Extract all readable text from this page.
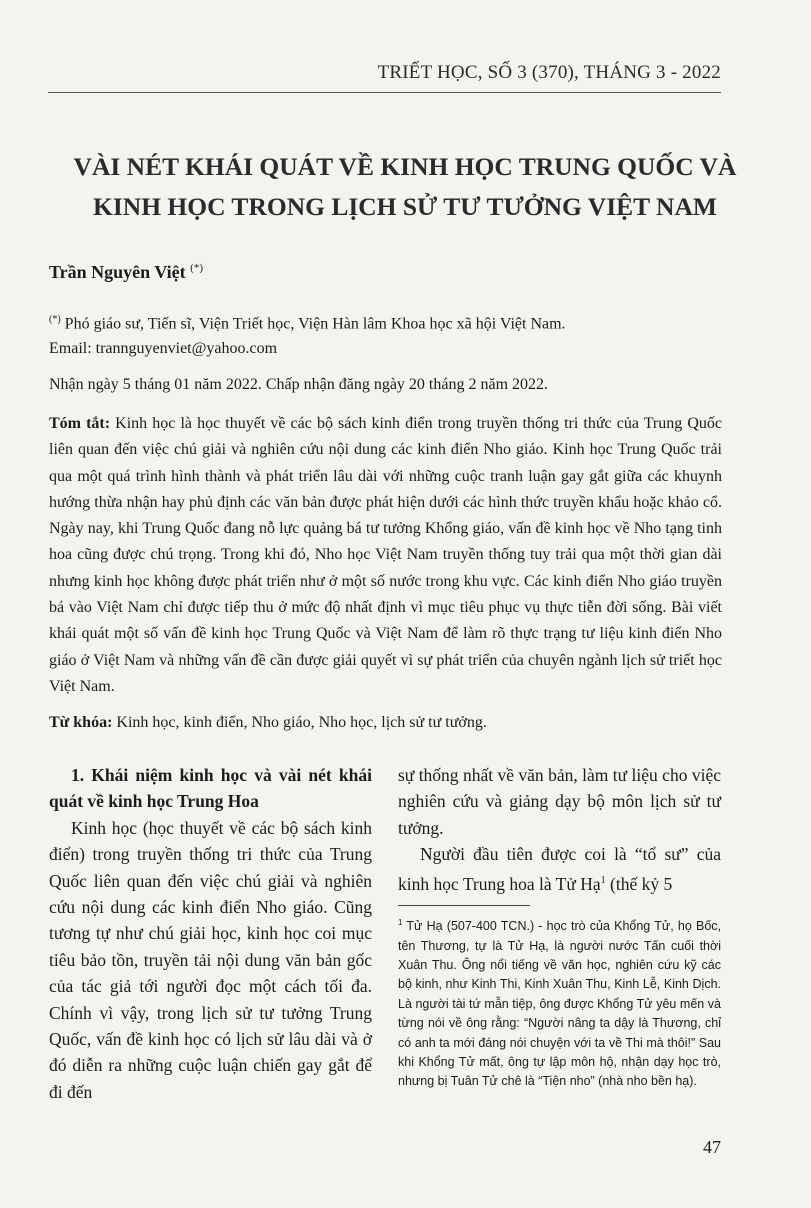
TRIẾT HỌC, SỐ 3 (370), THÁNG 3 - 2022
VÀI NÉT KHÁI QUÁT VỀ KINH HỌC TRUNG QUỐC VÀ
KINH HỌC TRONG LỊCH SỬ TƯ TƯỞNG VIỆT NAM
Trần Nguyên Việt (*)
(*) Phó giáo sư, Tiến sĩ, Viện Triết học, Viện Hàn lâm Khoa học xã hội Việt Nam.
Email: trannguyenviet@yahoo.com
Nhận ngày 5 tháng 01 năm 2022. Chấp nhận đăng ngày 20 tháng 2 năm 2022.
Tóm tắt: Kinh học là học thuyết về các bộ sách kinh điển trong truyền thống tri thức của Trung Quốc liên quan đến việc chú giải và nghiên cứu nội dung các kinh điển Nho giáo. Kinh học Trung Quốc trải qua một quá trình hình thành và phát triển lâu dài với những cuộc tranh luận gay gắt giữa các khuynh hướng thừa nhận hay phủ định các văn bản được phát hiện dưới các hình thức truyền khẩu hoặc khảo cổ. Ngày nay, khi Trung Quốc đang nỗ lực quảng bá tư tưởng Khổng giáo, vấn đề kinh học về Nho tạng tinh hoa cũng được chú trọng. Trong khi đó, Nho học Việt Nam truyền thống tuy trải qua một thời gian dài nhưng kinh học không được phát triển như ở một số nước trong khu vực. Các kinh điển Nho giáo truyền bá vào Việt Nam chỉ được tiếp thu ở mức độ nhất định vì mục tiêu phục vụ thực tiễn đời sống. Bài viết khái quát một số vấn đề kinh học Trung Quốc và Việt Nam để làm rõ thực trạng tư liệu kinh điển Nho giáo ở Việt Nam và những vấn đề cần được giải quyết vì sự phát triển của chuyên ngành lịch sử triết học Việt Nam.
Từ khóa: Kinh học, kinh điển, Nho giáo, Nho học, lịch sử tư tưởng.

1. Khái niệm kinh học và vài nét khái quát về kinh học Trung Hoa

Kinh học (học thuyết về các bộ sách kinh điển) trong truyền thống tri thức của Trung Quốc liên quan đến việc chú giải và nghiên cứu nội dung các kinh điển Nho giáo. Cũng tương tự như chú giải học, kinh học coi mục tiêu bảo tồn, truyền tải nội dung văn bản gốc của tác giả tới người đọc một cách tối đa. Chính vì vậy, trong lịch sử tư tưởng Trung Quốc, vấn đề kinh học có lịch sử lâu dài và ở đó diễn ra những cuộc luận chiến gay gắt để đi đến

sự thống nhất về văn bản, làm tư liệu cho việc nghiên cứu và giảng dạy bộ môn lịch sử tư tưởng.

Người đầu tiên được coi là “tổ sư” của kinh học Trung hoa là Tử Hạ$^1$ (thế kỷ 5

$^1$ Tử Hạ (507-400 TCN.) - học trò của Khổng Tử, họ Bốc, tên Thương, tự là Tử Hạ, là người nước Tấn cuối thời Xuân Thu. Ông nổi tiếng về văn học, nghiên cứu kỹ các bộ kinh, như Kinh Thi, Kinh Xuân Thu, Kinh Lễ, Kinh Dịch. Là người tài tứ mẫn tiệp, ông được Khổng Tử yêu mến và từng nói về ông rằng: “Người nâng ta dậy là Thương, chỉ có anh ta mới đáng nói chuyện với ta về Thi mà thôi!” Sau khi Khổng Tử mất, ông tự lập môn hộ, nhận dạy học trò, nhưng bị Tuân Tử chê là “Tiện nho” (nhà nho bền hạ).
47
